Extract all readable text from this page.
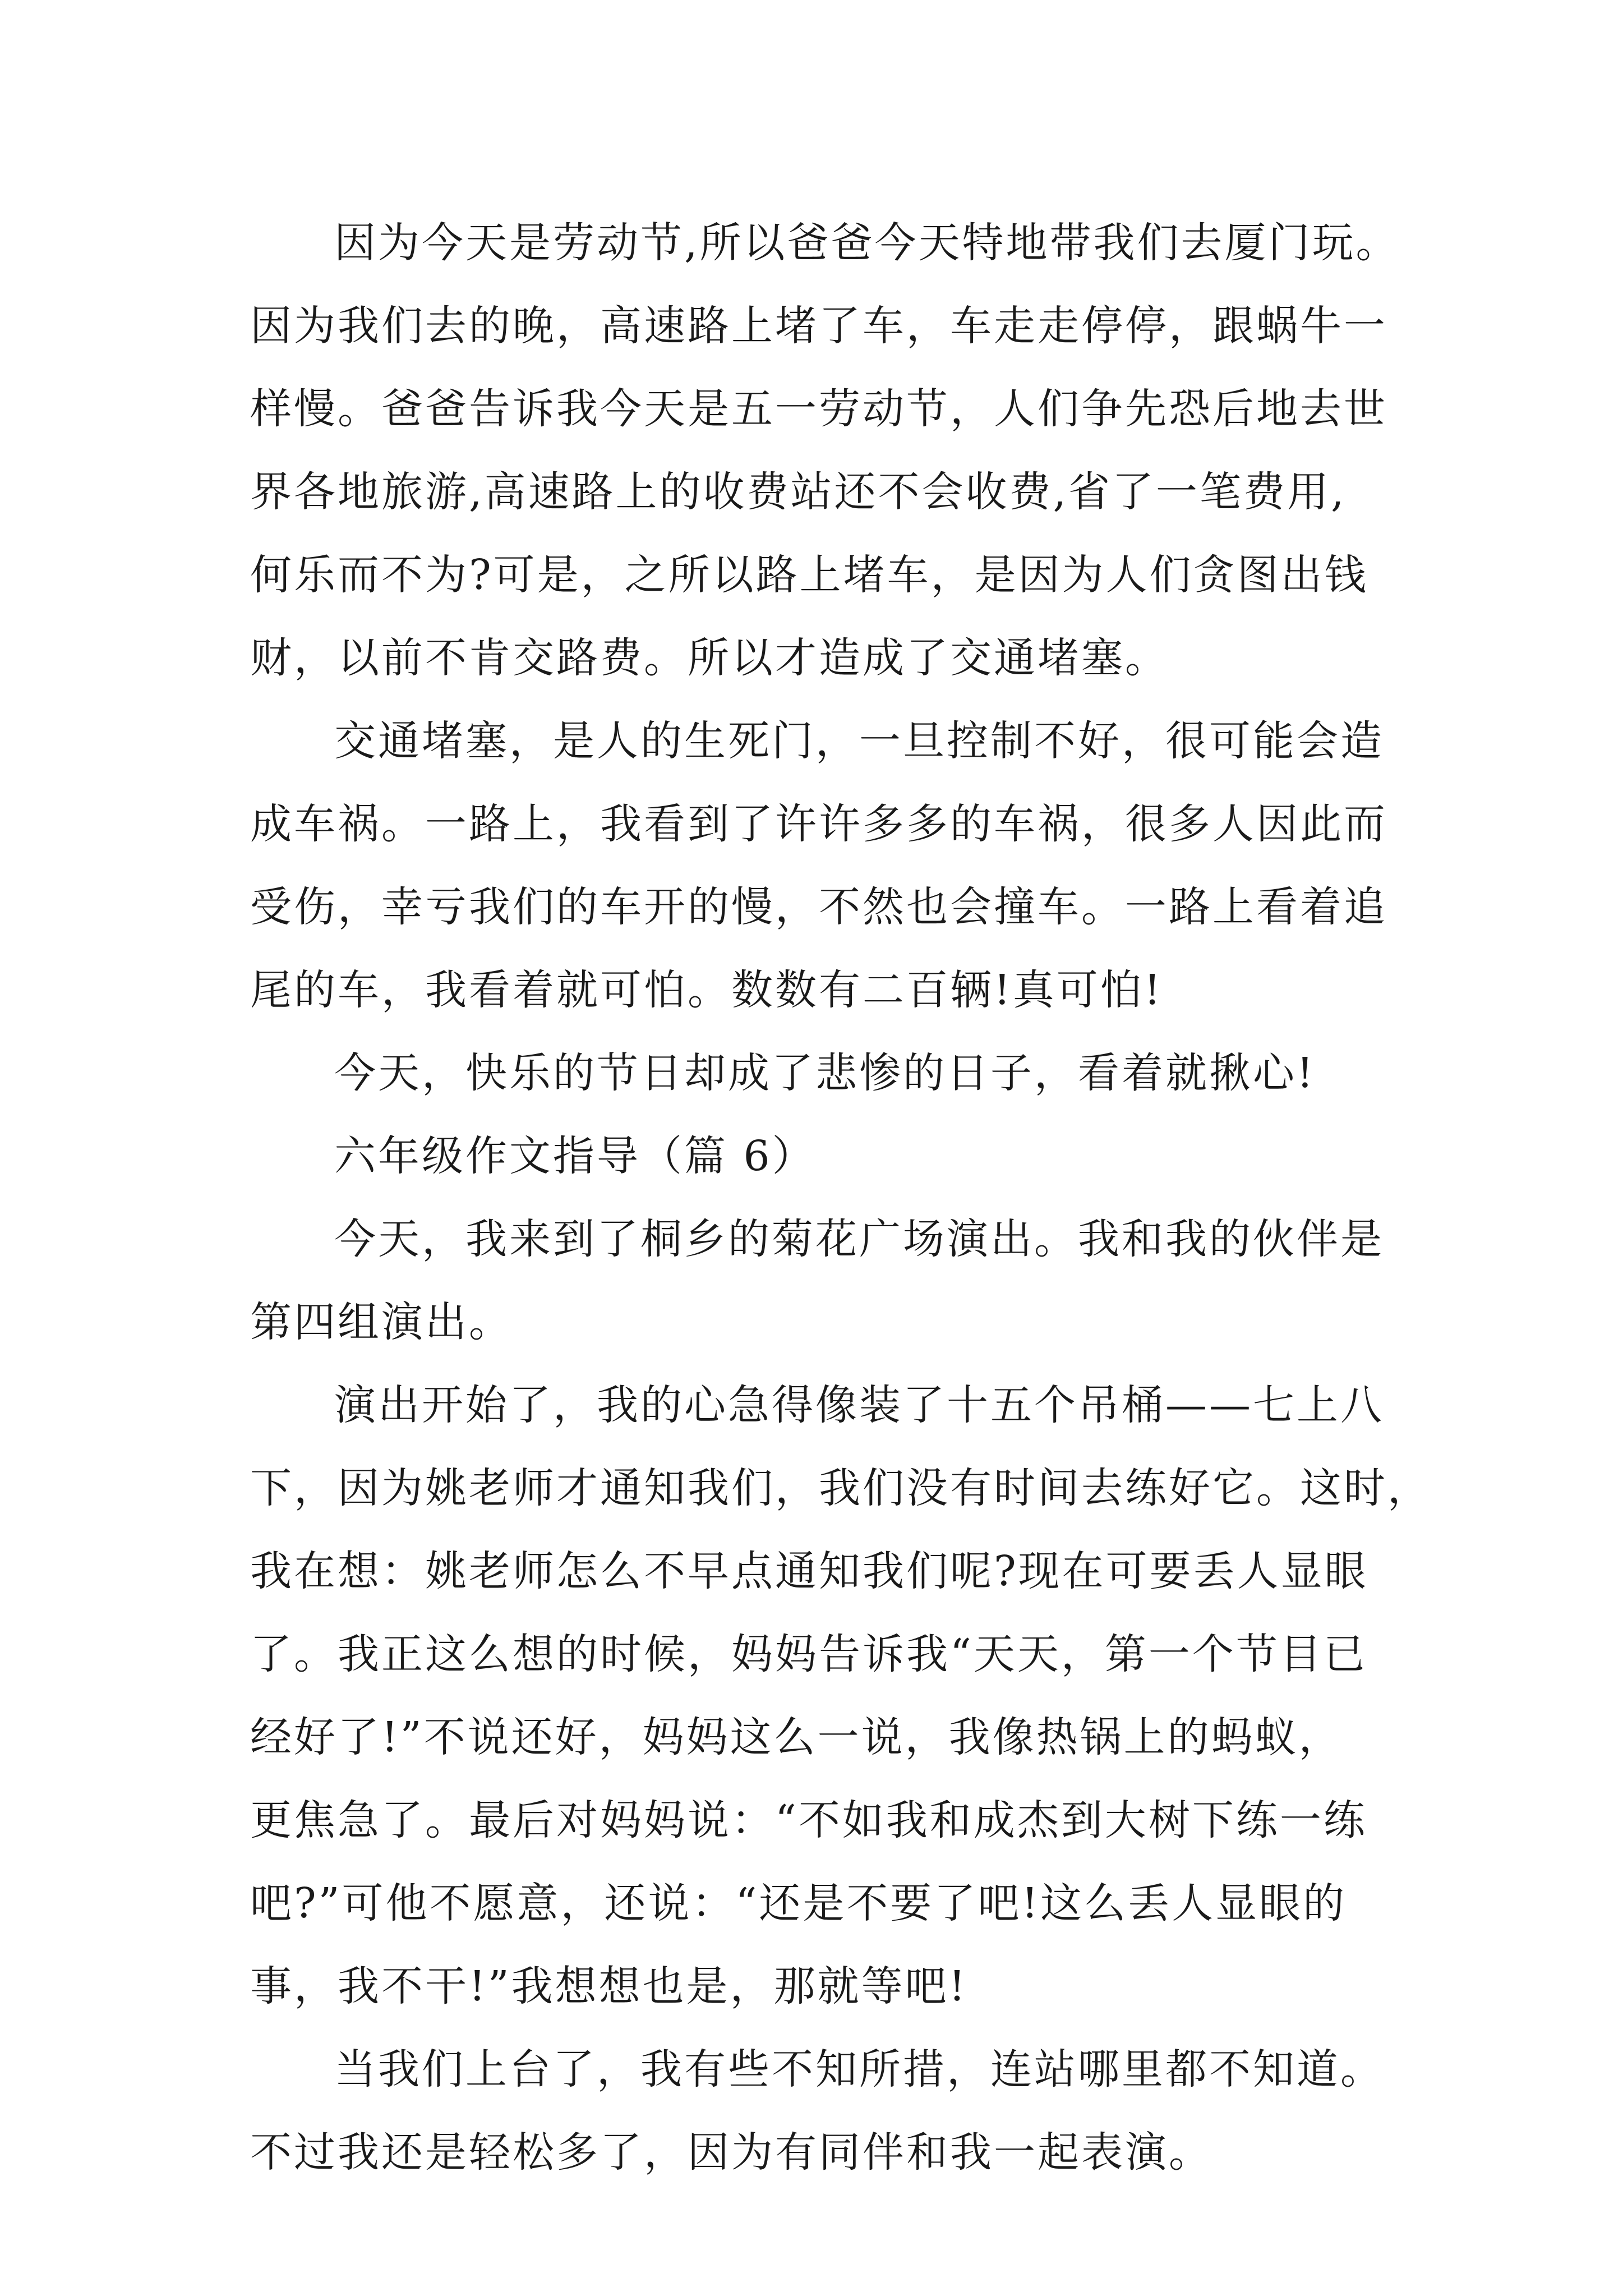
因为今天是劳动节,所以爸爸今天特地带我们去厦门玩。

因为我们去的晚，高速路上堵了车，车走走停停，跟蜗牛一

样慢。爸爸告诉我今天是五一劳动节，人们争先恐后地去世

界各地旅游,高速路上的收费站还不会收费,省了一笔费用,

何乐而不为?可是，之所以路上堵车，是因为人们贪图出钱

财，以前不肯交路费。所以才造成了交通堵塞。

交通堵塞，是人的生死门，一旦控制不好，很可能会造

成车祸。一路上，我看到了许许多多的车祸，很多人因此而

受伤，幸亏我们的车开的慢，不然也会撞车。一路上看着追

尾的车，我看着就可怕。数数有二百辆!真可怕!

今天，快乐的节日却成了悲惨的日子，看着就揪心!

六年级作文指导（篇 6）

今天，我来到了桐乡的菊花广场演出。我和我的伙伴是

第四组演出。

演出开始了，我的心急得像装了十五个吊桶——七上八

下，因为姚老师才通知我们，我们没有时间去练好它。这时，

我在想：姚老师怎么不早点通知我们呢?现在可要丢人显眼

了。我正这么想的时候，妈妈告诉我“天天，第一个节目已

经好了!”不说还好，妈妈这么一说，我像热锅上的蚂蚁，

更焦急了。最后对妈妈说：“不如我和成杰到大树下练一练

吧?”可他不愿意，还说：“还是不要了吧!这么丢人显眼的

事，我不干!”我想想也是，那就等吧!

当我们上台了，我有些不知所措，连站哪里都不知道。

不过我还是轻松多了，因为有同伴和我一起表演。
